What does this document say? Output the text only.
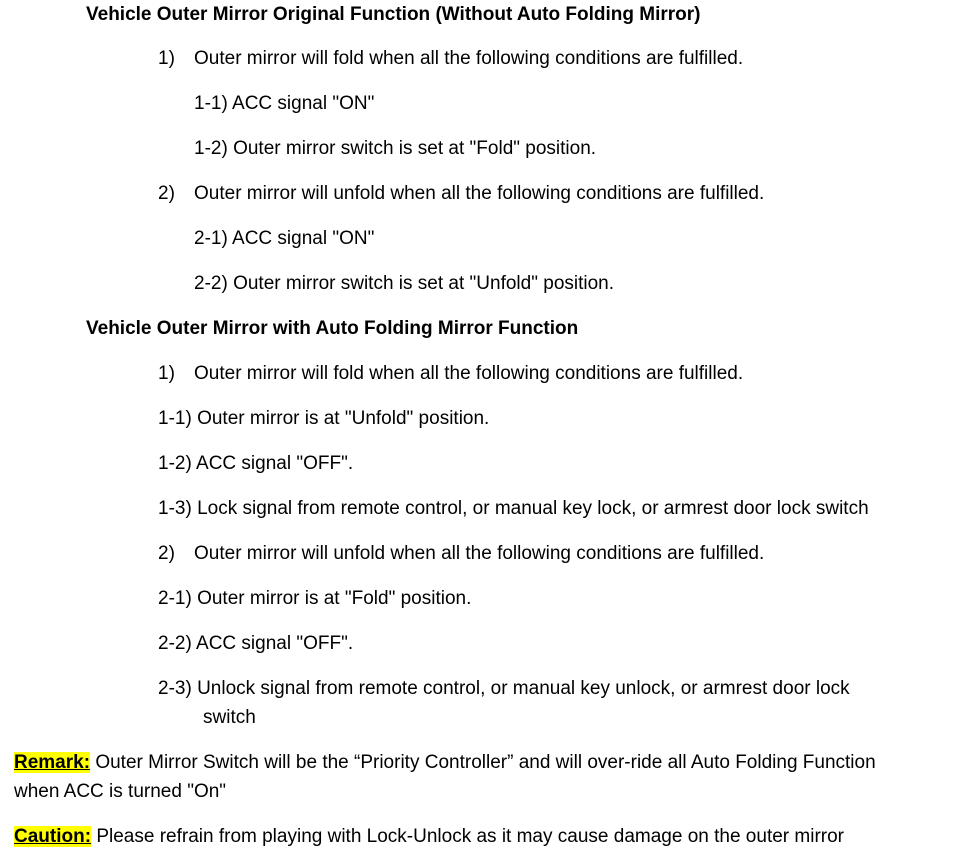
Vehicle Outer Mirror Original Function (Without Auto Folding Mirror)
1) Outer mirror will fold when all the following conditions are fulfilled.
1-1) ACC signal "ON"
1-2) Outer mirror switch is set at "Fold" position.
2) Outer mirror will unfold when all the following conditions are fulfilled.
2-1) ACC signal "ON"
2-2) Outer mirror switch is set at "Unfold" position.
Vehicle Outer Mirror with Auto Folding Mirror Function
1) Outer mirror will fold when all the following conditions are fulfilled.
1-1) Outer mirror is at "Unfold" position.
1-2) ACC signal "OFF".
1-3) Lock signal from remote control, or manual key lock, or armrest door lock switch
2) Outer mirror will unfold when all the following conditions are fulfilled.
2-1) Outer mirror is at "Fold" position.
2-2) ACC signal "OFF".
2-3) Unlock signal from remote control, or manual key unlock, or armrest door lock
switch
Remark: Outer Mirror Switch will be the “Priority Controller” and will over-ride all Auto Folding Function
when ACC is turned "On"
Caution: Please refrain from playing with Lock-Unlock as it may cause damage on the outer mirror
